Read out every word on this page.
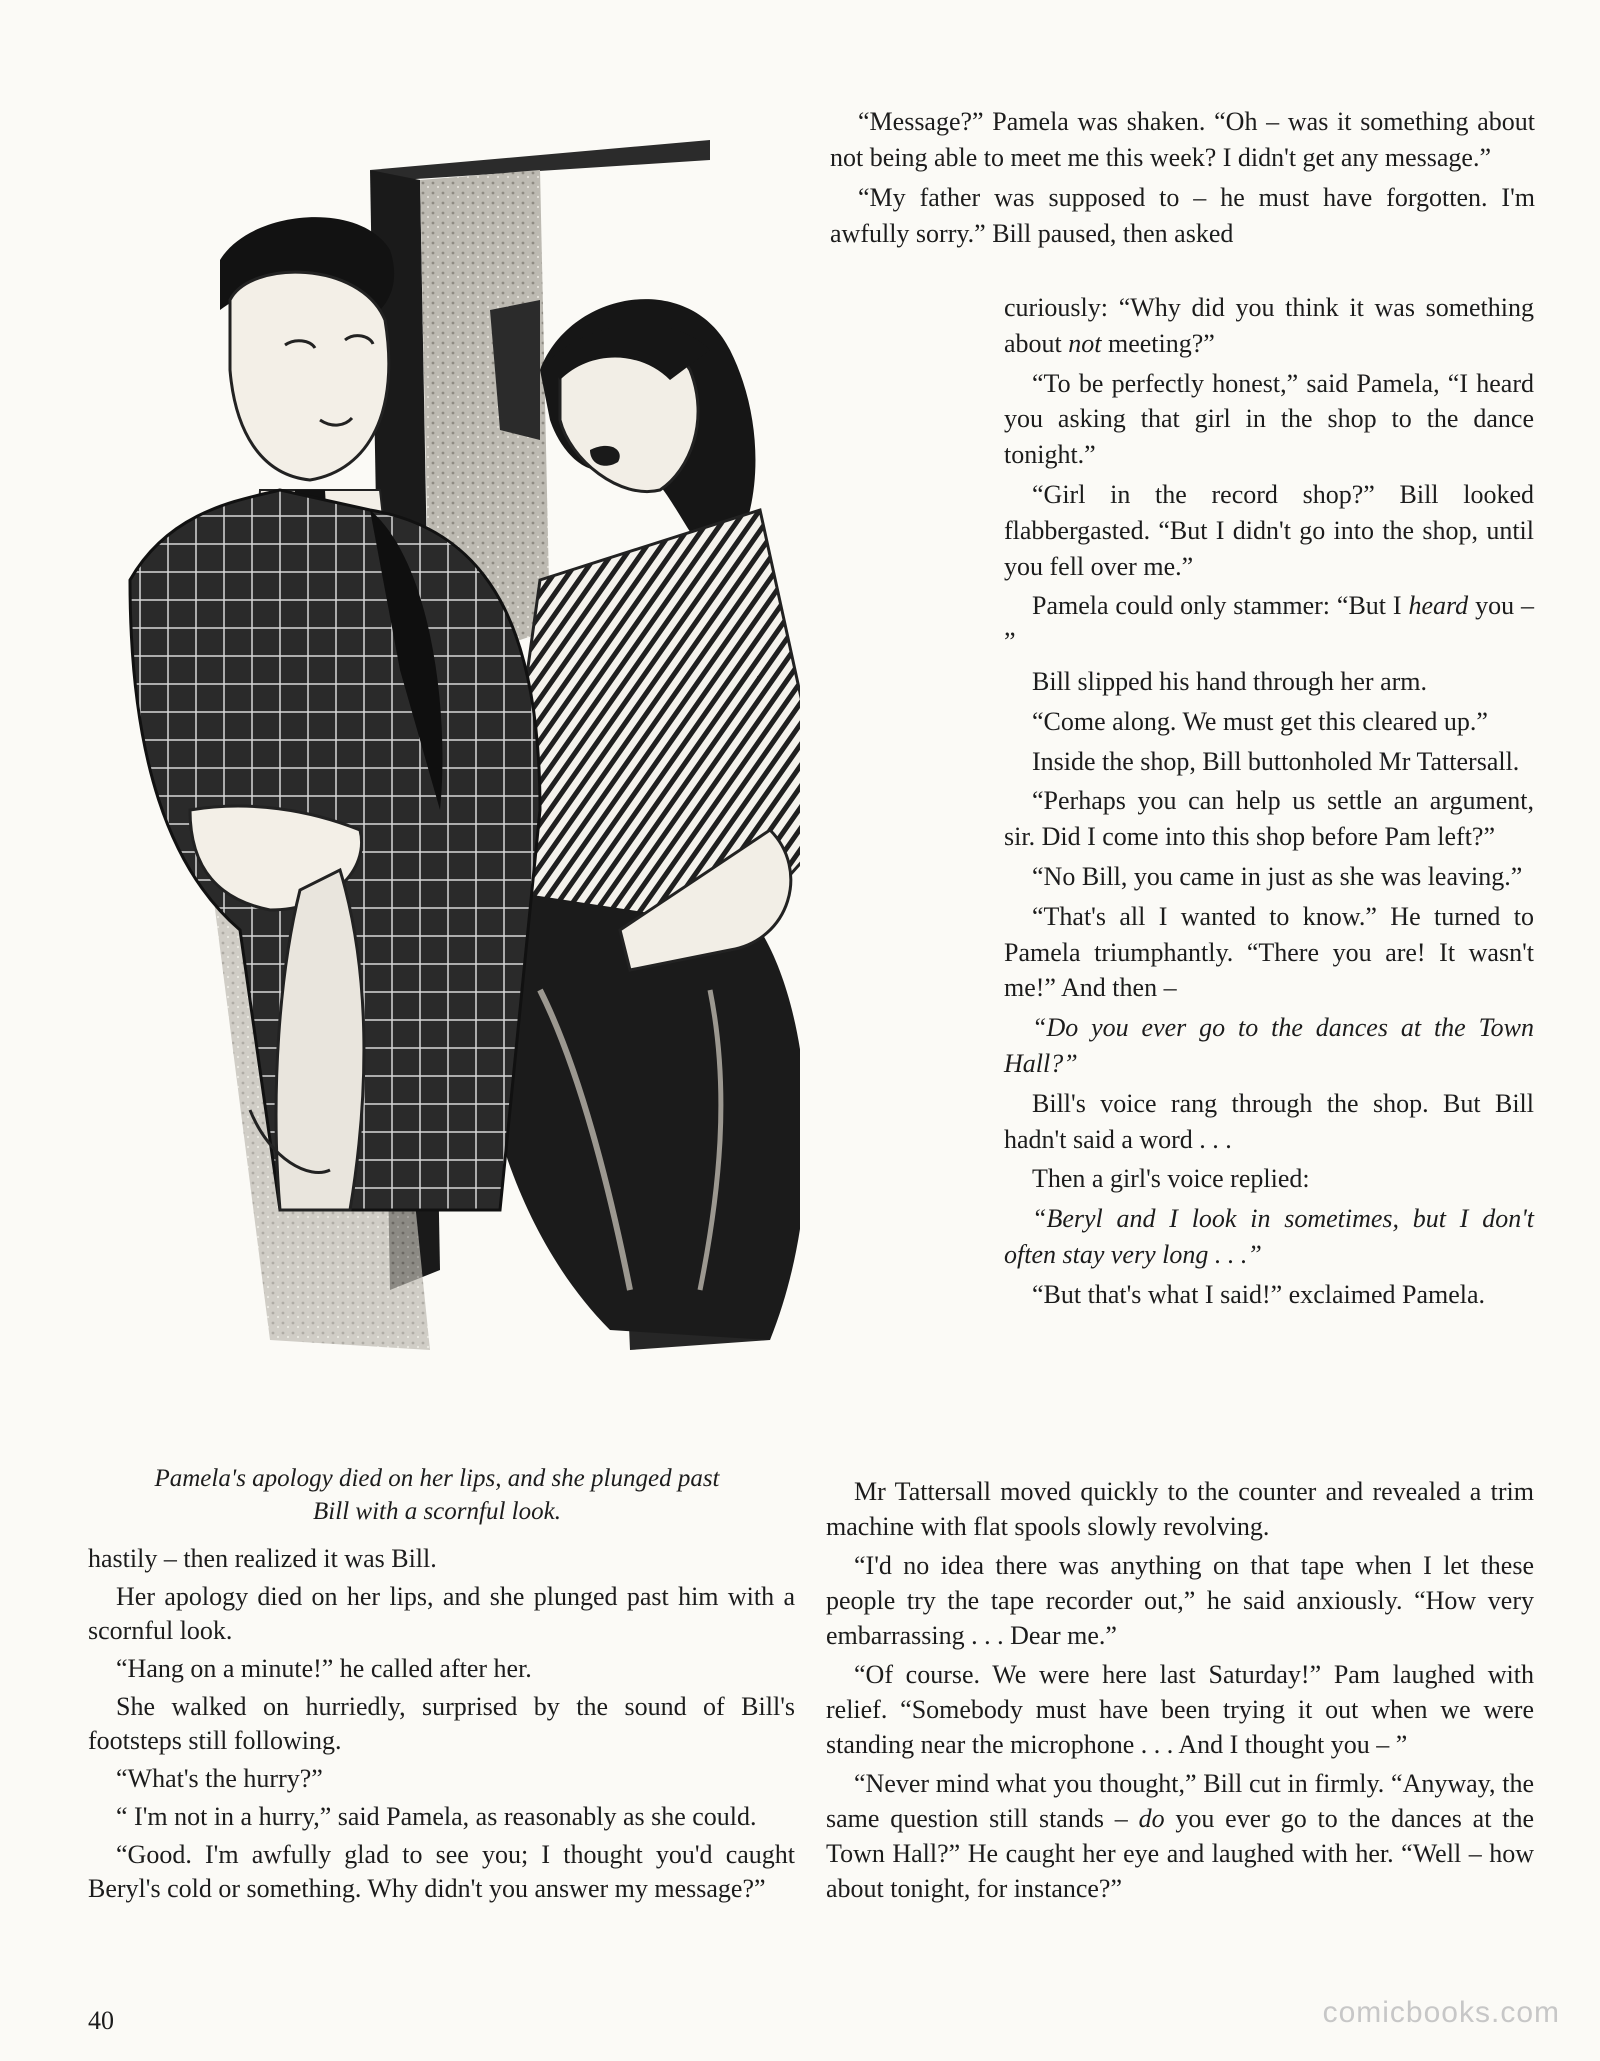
Pamela's apology died on her lips, and she plunged past
Bill with a scornful look.

hastily – then realized it was Bill.

Her apology died on her lips, and she plunged past him with a scornful look.

“Hang on a minute!” he called after her.

She walked on hurriedly, surprised by the sound of Bill's footsteps still following.

“What's the hurry?”

“ I'm not in a hurry,” said Pamela, as reasonably as she could.

“Good. I'm awfully glad to see you; I thought you'd caught Beryl's cold or something. Why didn't you answer my message?”

“Message?” Pamela was shaken. “Oh – was it something about not being able to meet me this week? I didn't get any message.”

“My father was supposed to – he must have forgotten. I'm awfully sorry.” Bill paused, then asked

curiously: “Why did you think it was something about not meeting?”

“To be perfectly honest,” said Pamela, “I heard you asking that girl in the shop to the dance tonight.”

“Girl in the record shop?” Bill looked flabbergasted. “But I didn't go into the shop, until you fell over me.”

Pamela could only stammer: “But I heard you – ”

Bill slipped his hand through her arm.

“Come along. We must get this cleared up.”

Inside the shop, Bill buttonholed Mr Tattersall.

“Perhaps you can help us settle an argument, sir. Did I come into this shop before Pam left?”

“No Bill, you came in just as she was leaving.”

“That's all I wanted to know.” He turned to Pamela triumphantly. “There you are! It wasn't me!” And then –

“Do you ever go to the dances at the Town Hall?”

Bill's voice rang through the shop. But Bill hadn't said a word . . .

Then a girl's voice replied:

“Beryl and I look in sometimes, but I don't often stay very long . . .”

“But that's what I said!” exclaimed Pamela.

Mr Tattersall moved quickly to the counter and revealed a trim machine with flat spools slowly revolving.

“I'd no idea there was anything on that tape when I let these people try the tape recorder out,” he said anxiously. “How very embarrassing . . . Dear me.”

“Of course. We were here last Saturday!” Pam laughed with relief. “Somebody must have been trying it out when we were standing near the microphone . . . And I thought you – ”

“Never mind what you thought,” Bill cut in firmly. “Anyway, the same question still stands – do you ever go to the dances at the Town Hall?” He caught her eye and laughed with her. “Well – how about tonight, for instance?”

40	comicbooks.com
